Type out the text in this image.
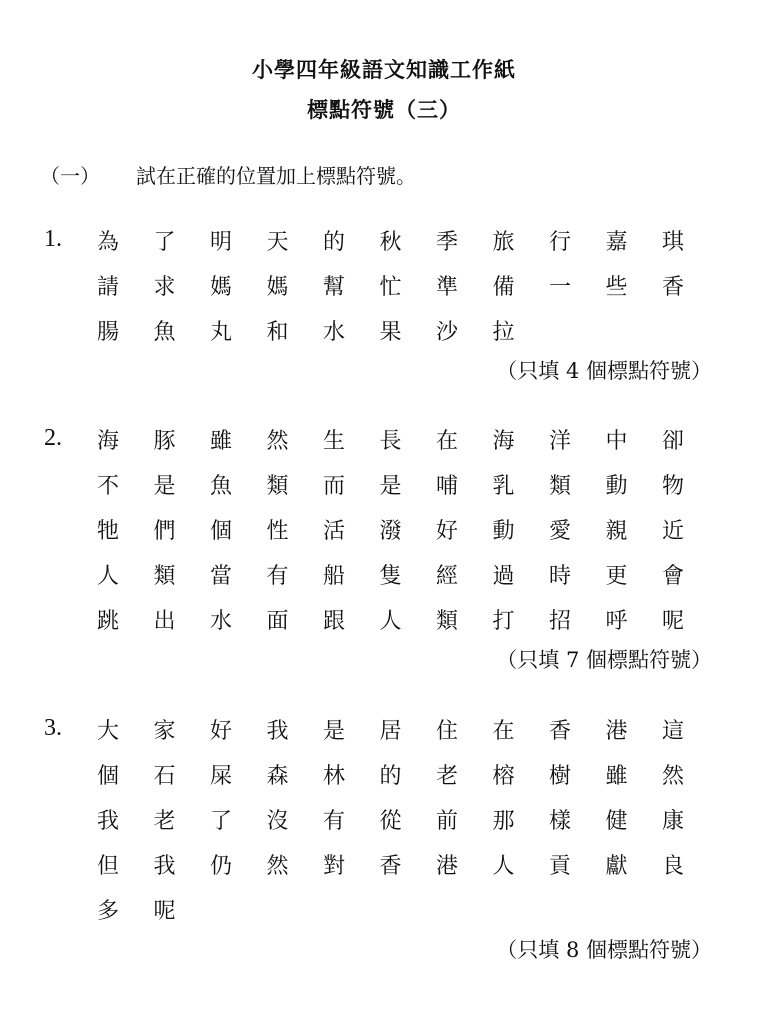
小學四年級語文知識工作紙
標點符號（三）
（一） 試在正確的位置加上標點符號。
1. 為 了 明 天 的 秋 季 旅 行 嘉 琪
請 求 媽 媽 幫 忙 準 備 一 些 香
腸 魚 丸 和 水 果 沙 拉
（只填 4 個標點符號）
2. 海 豚 雖 然 生 長 在 海 洋 中 卻
不 是 魚 類 而 是 哺 乳 類 動 物
牠 們 個 性 活 潑 好 動 愛 親 近
人 類 當 有 船 隻 經 過 時 更 會
跳 出 水 面 跟 人 類 打 招 呼 呢
（只填 7 個標點符號）
3. 大 家 好 我 是 居 住 在 香 港 這
個 石 屎 森 林 的 老 榕 樹 雖 然
我 老 了 沒 有 從 前 那 樣 健 康
但 我 仍 然 對 香 港 人 貢 獻 良
多 呢
（只填 8 個標點符號）
